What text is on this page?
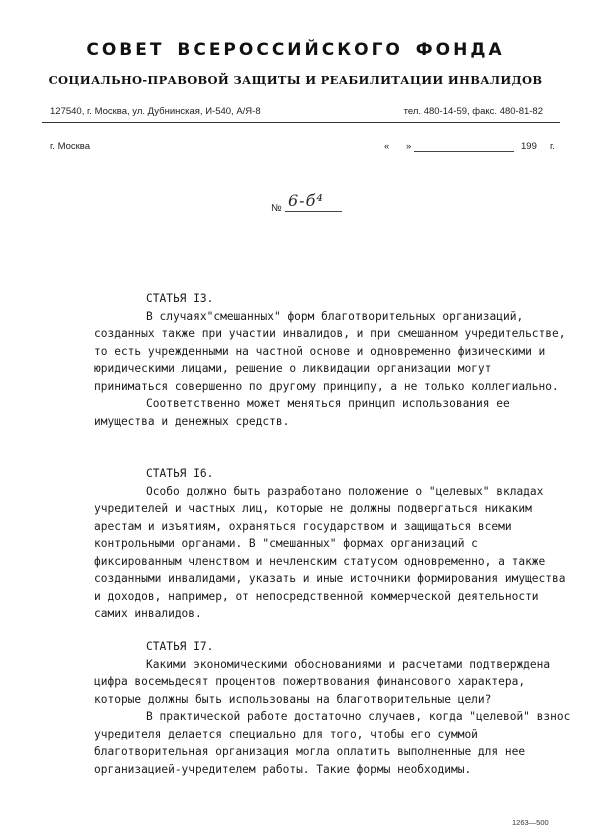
СОВЕТ ВСЕРОССИЙСКОГО ФОНДА
СОЦИАЛЬНО-ПРАВОВОЙ ЗАЩИТЫ И РЕАБИЛИТАЦИИ ИНВАЛИДОВ
127540, г. Москва, ул. Дубнинская, И-540, А/Я-8	тел. 480-14-59, факс. 480-81-82
г. Москва	« »	199 г.
№ 6-б⁴

СТАТЬЯ I3.

В случаях"смешанных" форм благотворительных организаций, созданных также при участии инвалидов, и при смешанном учредительстве, то есть учрежденными на частной основе и одновременно физическими и юридическими лицами, решение о ликвидации организации могут приниматься совершенно по другому принципу, а не только коллегиально.

Соответственно может меняться принцип использования ее имущества и денежных средств.

СТАТЬЯ I6.

Особо должно быть разработано положение о "целевых" вкладах учредителей и частных лиц, которые не должны подвергаться никаким арестам и изъятиям, охраняться государством и защищаться всеми контрольными органами. В "смешанных" формах организаций с фиксированным членством и нечленским статусом одновременно, а также созданными инвалидами, указать и иные источники формирования имущества и доходов, например, от непосредственной коммерческой деятельности самих инвалидов.

СТАТЬЯ I7.

Какими экономическими обоснованиями и расчетами подтверждена цифра восемьдесят процентов пожертвования финансового характера, которые должны быть использованы на благотворительные цели?

В практической работе достаточно случаев, когда "целевой" взнос учредителя делается специально для того, чтобы его суммой благотворительная организация могла оплатить выполненные для нее организацией-учредителем работы. Такие формы необходимы.

1263—500
